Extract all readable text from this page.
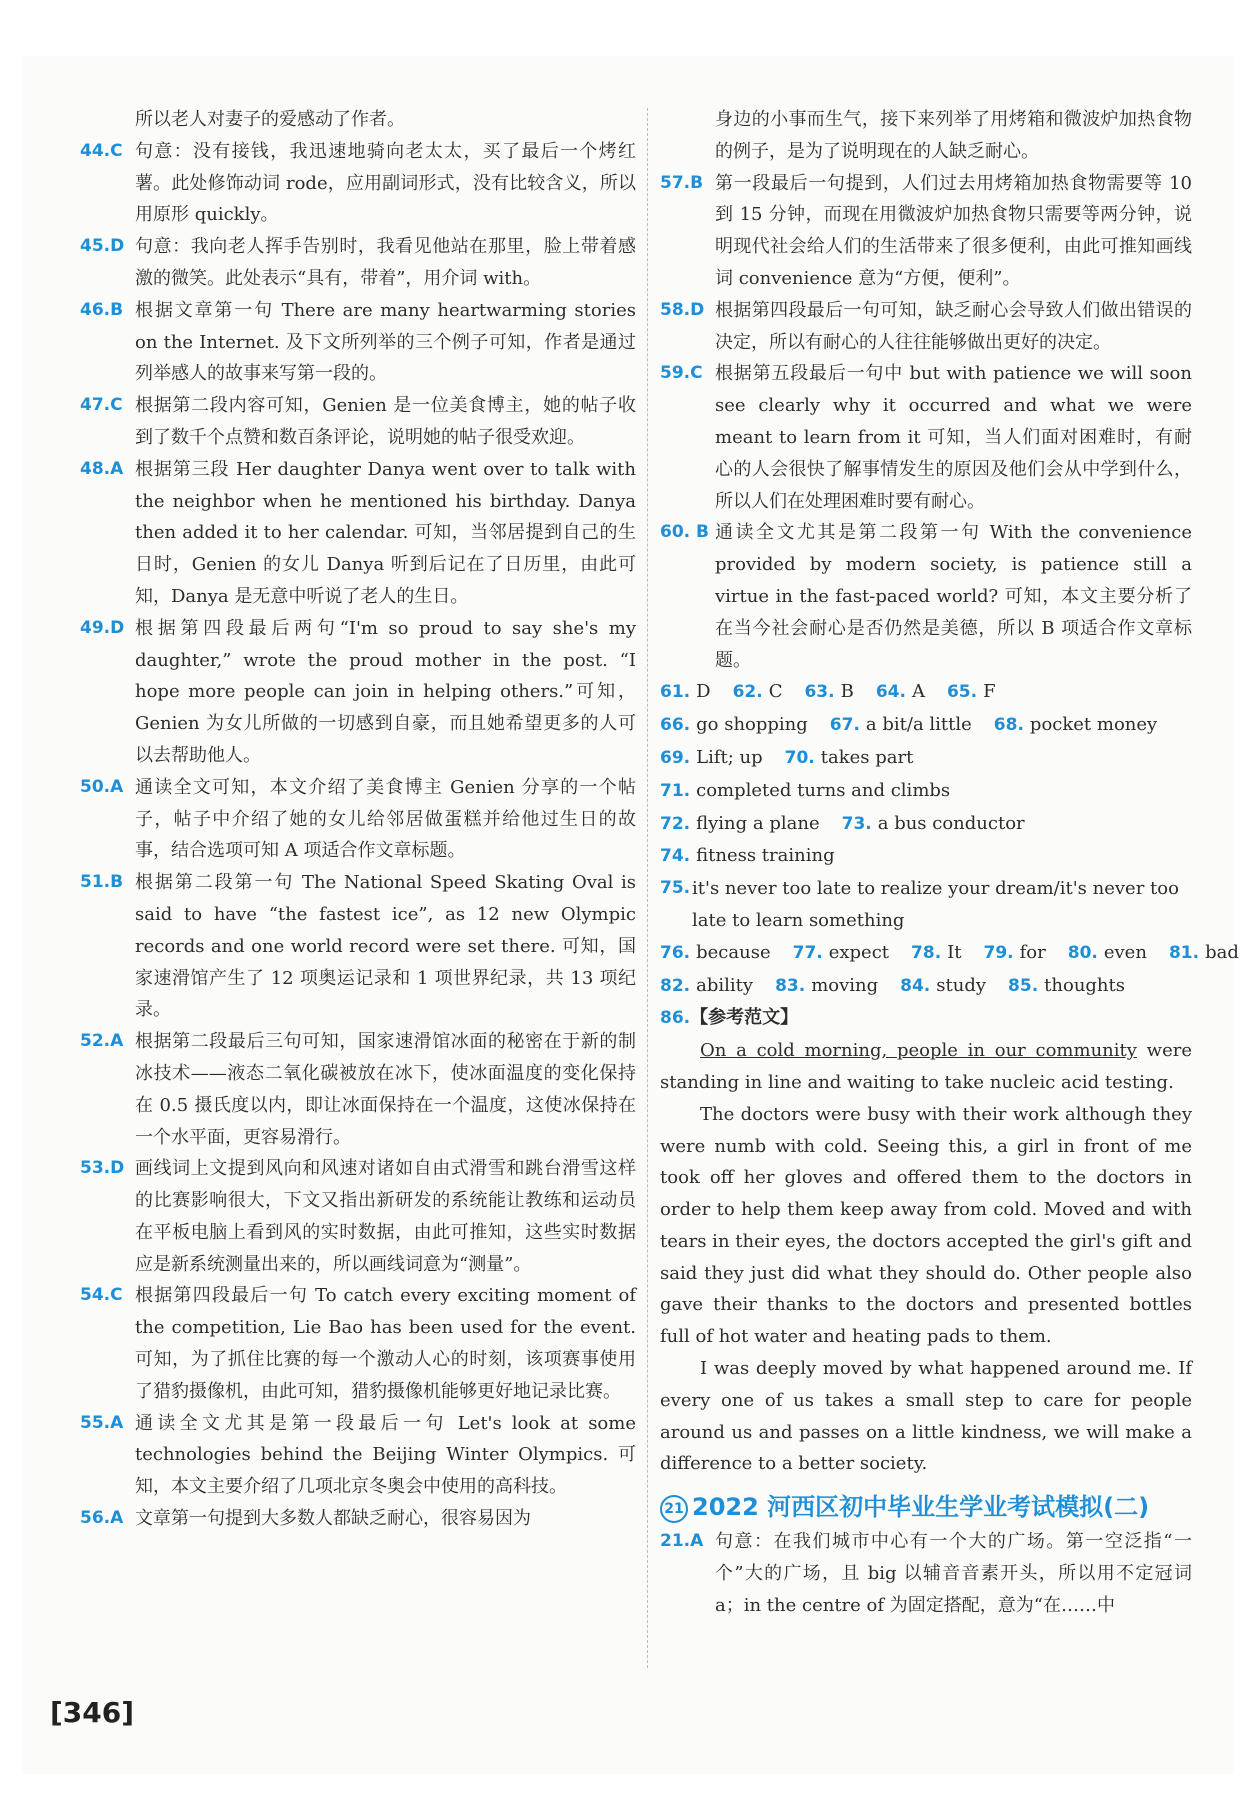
所以老人对妻子的爱感动了作者。
44.C 句意：没有接钱，我迅速地骑向老太太，买了最后一个烤红薯。此处修饰动词 rode，应用副词形式，没有比较含义，所以用原形 quickly。
45.D 句意：我向老人挥手告别时，我看见他站在那里，脸上带着感激的微笑。此处表示“具有，带着”，用介词 with。
46.B 根据文章第一句 There are many heartwarming stories on the Internet. 及下文所列举的三个例子可知，作者是通过列举感人的故事来写第一段的。
47.C 根据第二段内容可知，Genien 是一位美食博主，她的帖子收到了数千个点赞和数百条评论，说明她的帖子很受欢迎。
48.A 根据第三段 Her daughter Danya went over to talk with the neighbor when he mentioned his birthday. Danya then added it to her calendar. 可知，当邻居提到自己的生日时，Genien 的女儿 Danya 听到后记在了日历里，由此可知，Danya 是无意中听说了老人的生日。
49.D 根据第四段最后两句“I'm so proud to say she's my daughter,” wrote the proud mother in the post. “I hope more people can join in helping others.”可知，Genien 为女儿所做的一切感到自豪，而且她希望更多的人可以去帮助他人。
50.A 通读全文可知，本文介绍了美食博主 Genien 分享的一个帖子，帖子中介绍了她的女儿给邻居做蛋糕并给他过生日的故事，结合选项可知 A 项适合作文章标题。
51.B 根据第二段第一句 The National Speed Skating Oval is said to have “the fastest ice”, as 12 new Olympic records and one world record were set there. 可知，国家速滑馆产生了 12 项奥运记录和 1 项世界纪录，共 13 项纪录。
52.A 根据第二段最后三句可知，国家速滑馆冰面的秘密在于新的制冰技术——液态二氧化碳被放在冰下，使冰面温度的变化保持在 0.5 摄氏度以内，即让冰面保持在一个温度，这使冰保持在一个水平面，更容易滑行。
53.D 画线词上文提到风向和风速对诸如自由式滑雪和跳台滑雪这样的比赛影响很大，下文又指出新研发的系统能让教练和运动员在平板电脑上看到风的实时数据，由此可推知，这些实时数据应是新系统测量出来的，所以画线词意为“测量”。
54.C 根据第四段最后一句 To catch every exciting moment of the competition, Lie Bao has been used for the event. 可知，为了抓住比赛的每一个激动人心的时刻，该项赛事使用了猎豹摄像机，由此可知，猎豹摄像机能够更好地记录比赛。
55.A 通读全文尤其是第一段最后一句 Let's look at some technologies behind the Beijing Winter Olympics. 可知，本文主要介绍了几项北京冬奥会中使用的高科技。
56.A 文章第一句提到大多数人都缺乏耐心，很容易因为
身边的小事而生气，接下来列举了用烤箱和微波炉加热食物的例子，是为了说明现在的人缺乏耐心。
57.B 第一段最后一句提到，人们过去用烤箱加热食物需要等 10 到 15 分钟，而现在用微波炉加热食物只需要等两分钟，说明现代社会给人们的生活带来了很多便利，由此可推知画线词 convenience 意为“方便，便利”。
58.D 根据第四段最后一句可知，缺乏耐心会导致人们做出错误的决定，所以有耐心的人往往能够做出更好的决定。
59.C 根据第五段最后一句中 but with patience we will soon see clearly why it occurred and what we were meant to learn from it 可知，当人们面对困难时，有耐心的人会很快了解事情发生的原因及他们会从中学到什么，所以人们在处理困难时要有耐心。
60. B 通读全文尤其是第二段第一句 With the convenience provided by modern society, is patience still a virtue in the fast-paced world? 可知，本文主要分析了在当今社会耐心是否仍然是美德，所以 B 项适合作文章标题。
61. D 62. C 63. B 64. A 65. F
66. go shopping 67. a bit/a little 68. pocket money
69. Lift; up 70. takes part
71. completed turns and climbs
72. flying a plane 73. a bus conductor
74. fitness training
75. it's never too late to realize your dream/it's never too late to learn something
76. because 77. expect 78. It 79. for 80. even 81. bad
82. ability 83. moving 84. study 85. thoughts
86.【参考范文】

On a cold morning, people in our community were standing in line and waiting to take nucleic acid testing.

The doctors were busy with their work although they were numb with cold. Seeing this, a girl in front of me took off her gloves and offered them to the doctors in order to help them keep away from cold. Moved and with tears in their eyes, the doctors accepted the girl's gift and said they just did what they should do. Other people also gave their thanks to the doctors and presented bottles full of hot water and heating pads to them.

I was deeply moved by what happened around me. If every one of us takes a small step to care for people around us and passes on a little kindness, we will make a difference to a better society.

21 2022 河西区初中毕业生学业考试模拟(二)
21.A 句意：在我们城市中心有一个大的广场。第一空泛指“一个”大的广场，且 big 以辅音音素开头，所以用不定冠词 a；in the centre of 为固定搭配，意为“在……中
[346]
